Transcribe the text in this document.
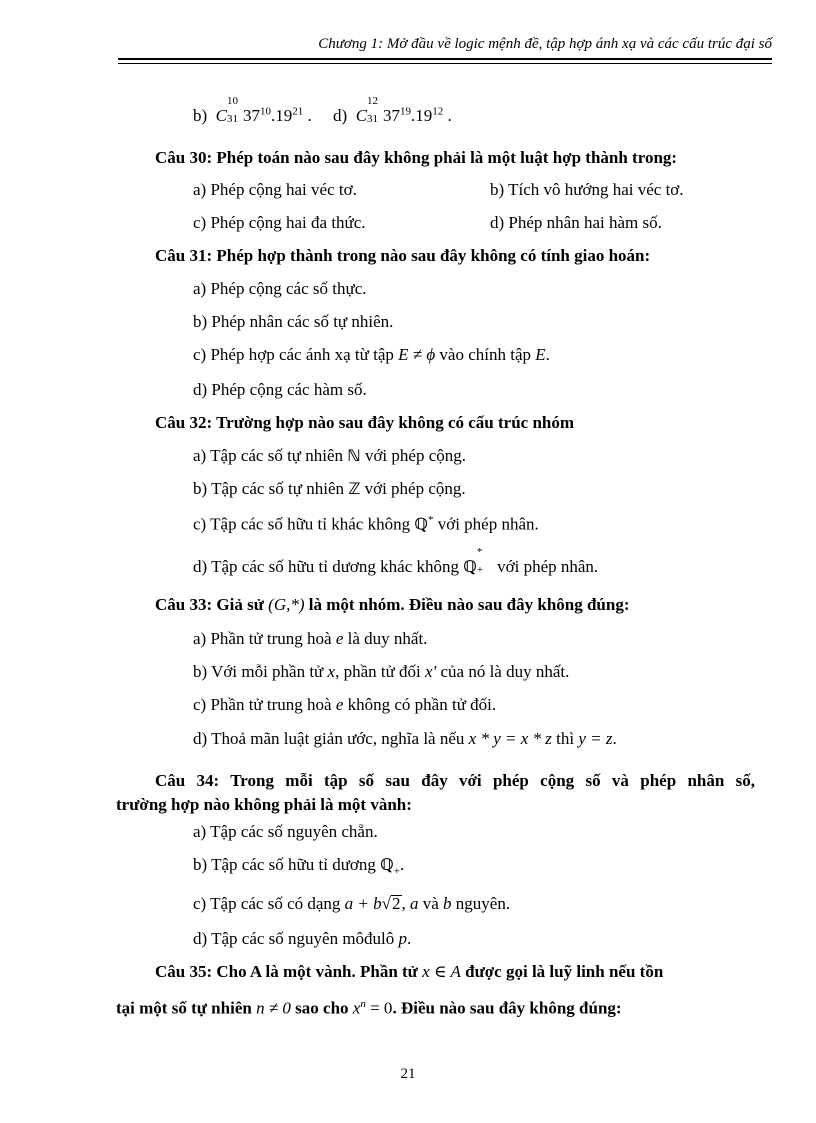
Chương 1: Mở đầu về logic mệnh đề, tập hợp ánh xạ và các cấu trúc đại số
b) C
10
31 $37^{10}.19^{21}$ . d) C
12
31 $37^{19}.19^{12}$ .
Câu 30: Phép toán nào sau đây không phải là một luật hợp thành trong:
a) Phép cộng hai véc tơ.	b) Tích vô hướng hai véc tơ.
c) Phép cộng hai đa thức.	d) Phép nhân hai hàm số.
Câu 31: Phép hợp thành trong nào sau đây không có tính giao hoán:
a) Phép cộng các số thực.
b) Phép nhân các số tự nhiên.
c) Phép hợp các ánh xạ từ tập E ≠ ϕ vào chính tập E.
d) Phép cộng các hàm số.
Câu 32: Trường hợp nào sau đây không có cấu trúc nhóm
a) Tập các số tự nhiên ℕ với phép cộng.
b) Tập các số tự nhiên ℤ với phép cộng.
c) Tập các số hữu tỉ khác không ℚ* với phép nhân.
d) Tập các số hữu tỉ dương khác không ℚ
*
+ với phép nhân.
Câu 33: Giả sử (G,*) là một nhóm. Điều nào sau đây không đúng:
a) Phần tử trung hoà e là duy nhất.
b) Với mỗi phần tử x, phần tử đối x' của nó là duy nhất.
c) Phần tử trung hoà e không có phần tử đối.
d) Thoả mãn luật giản ước, nghĩa là nếu x * y = x * z thì y = z.
Câu 34: Trong mỗi tập số sau đây với phép cộng số và phép nhân số,
trường hợp nào không phải là một vành:
a) Tập các số nguyên chẵn.
b) Tập các số hữu tỉ dương ℚ$_+$.
c) Tập các số có dạng a + b√2, a và b nguyên.
d) Tập các số nguyên môđulô p.
Câu 35: Cho A là một vành. Phần tử x ∈ A được gọi là luỹ linh nếu tồn
tại một số tự nhiên n ≠ 0 sao cho $x^n = 0$. Điều nào sau đây không đúng:
21
